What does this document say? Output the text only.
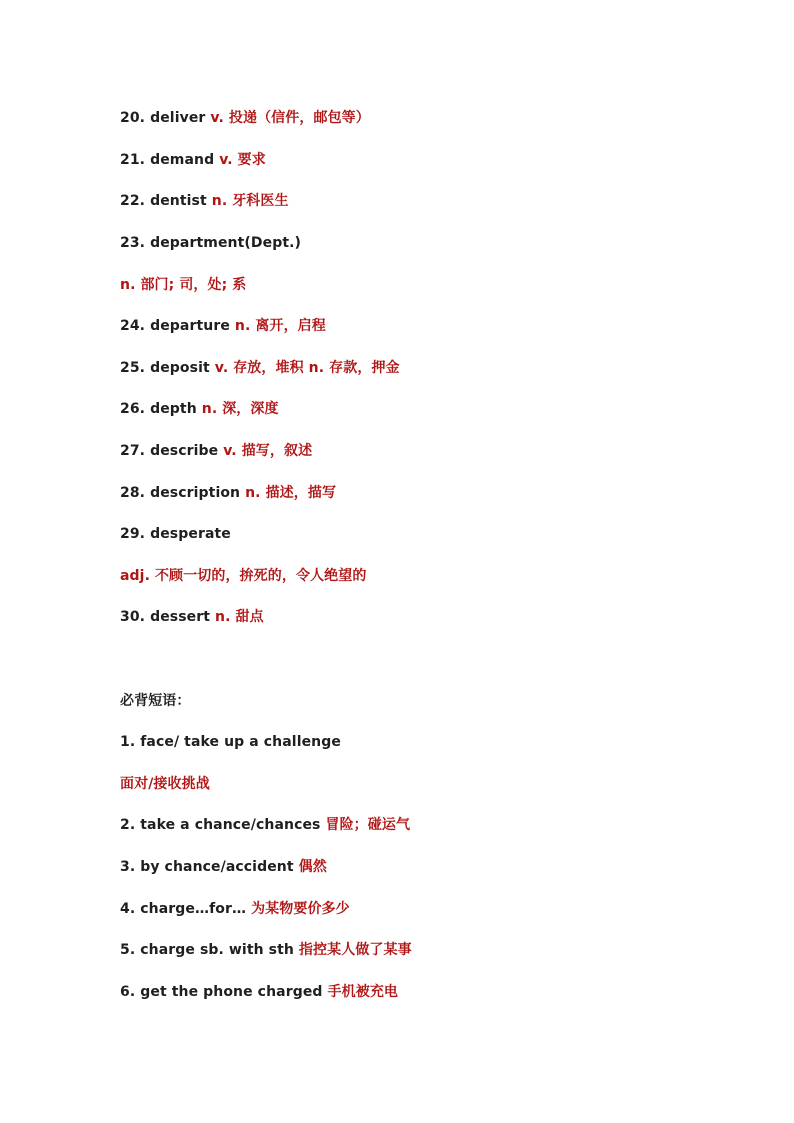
20. deliver v. 投递（信件，邮包等）
21. demand v. 要求
22. dentist n. 牙科医生
23. department(Dept.)
n. 部门; 司，处; 系
24. departure n. 离开，启程
25. deposit v. 存放，堆积 n. 存款，押金
26. depth n. 深，深度
27. describe v. 描写，叙述
28. description n. 描述，描写
29. desperate
adj. 不顾一切的，拚死的，令人绝望的
30. dessert n. 甜点
必背短语：
1. face/ take up a challenge
面对/接收挑战
2. take a chance/chances 冒险；碰运气
3. by chance/accident 偶然
4. charge…for… 为某物要价多少
5. charge sb. with sth 指控某人做了某事
6. get the phone charged 手机被充电
